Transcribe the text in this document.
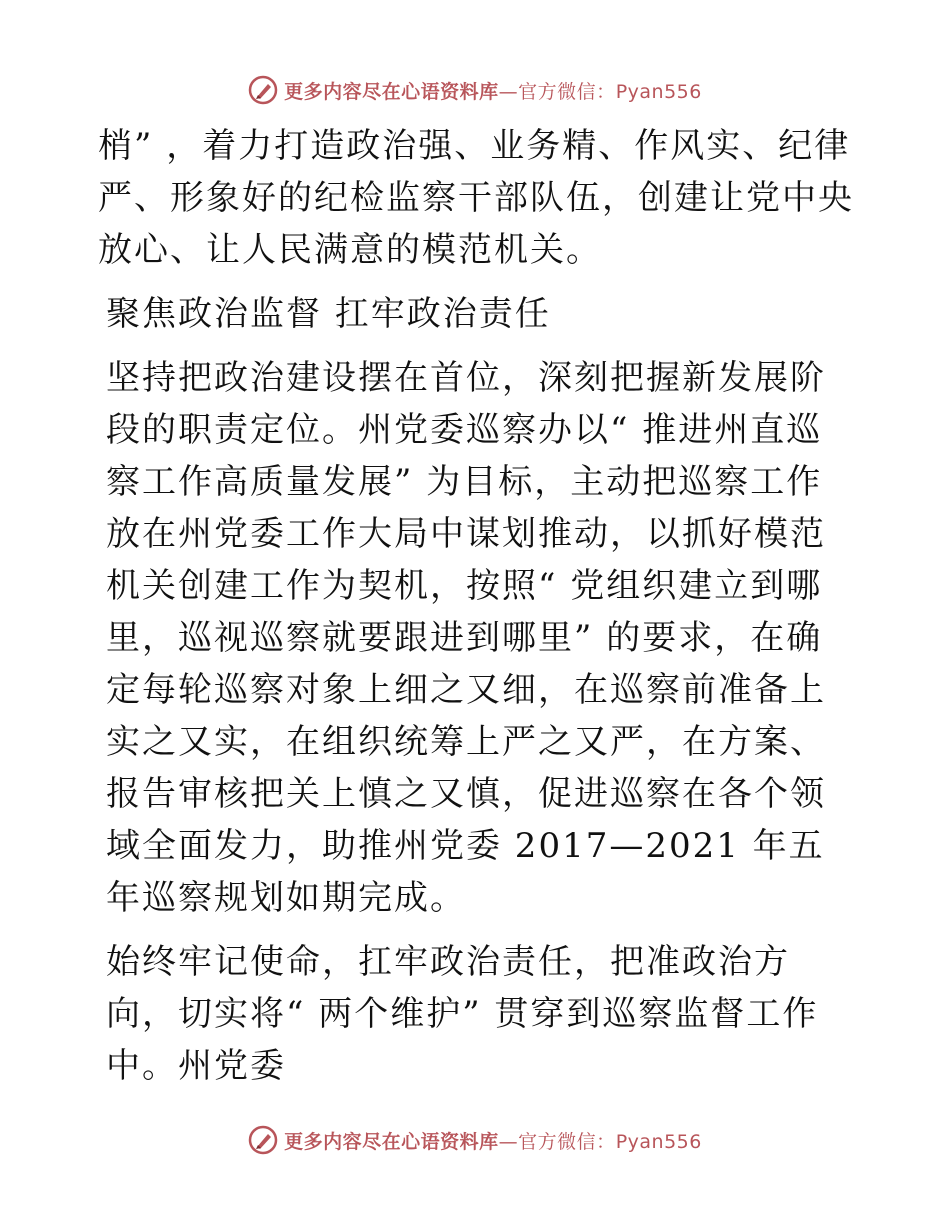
更多内容尽在心语资料库—官方微信：Pyan556

梢” ，着力打造政治强、业务精、作风实、纪律严、形象好的纪检监察干部队伍，创建让党中央放心、让人民满意的模范机关。

聚焦政治监督 扛牢政治责任

坚持把政治建设摆在首位，深刻把握新发展阶段的职责定位。州党委巡察办以“ 推进州直巡察工作高质量发展” 为目标，主动把巡察工作放在州党委工作大局中谋划推动，以抓好模范机关创建工作为契机，按照“ 党组织建立到哪里，巡视巡察就要跟进到哪里” 的要求，在确定每轮巡察对象上细之又细，在巡察前准备上实之又实，在组织统筹上严之又严，在方案、报告审核把关上慎之又慎，促进巡察在各个领域全面发力，助推州党委 2017—2021 年五年巡察规划如期完成。

始终牢记使命，扛牢政治责任，把准政治方向，切实将“ 两个维护” 贯穿到巡察监督工作中。州党委

更多内容尽在心语资料库—官方微信：Pyan556
